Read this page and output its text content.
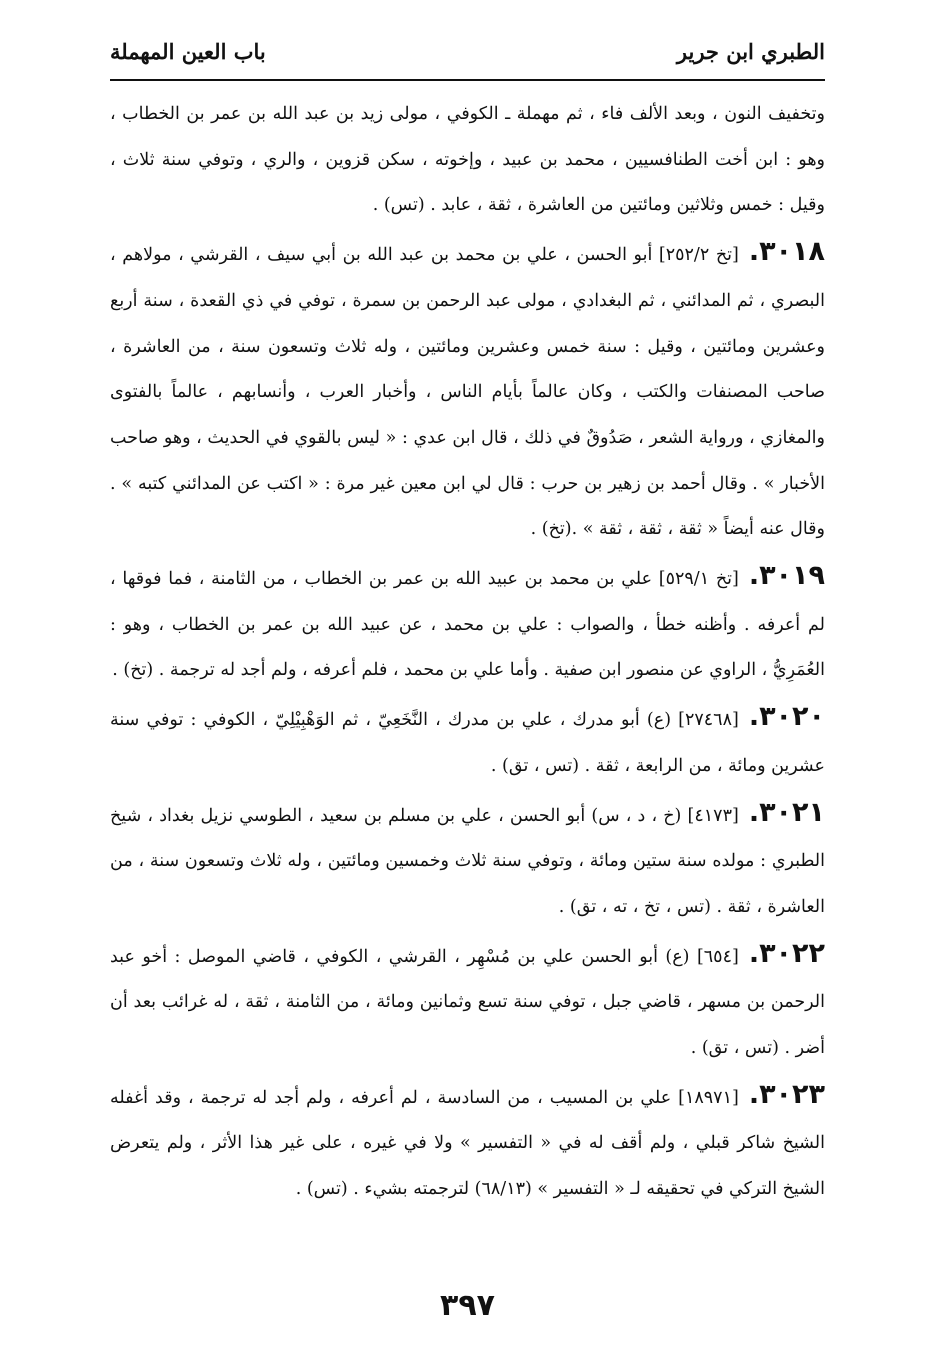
الطبري ابن جرير
باب العين المهملة

وتخفيف النون ، وبعد الألف فاء ، ثم مهملة ـ الكوفي ، مولى زيد بن عبد الله بن عمر بن الخطاب ، وهو : ابن أخت الطنافسيين ، محمد بن عبيد ، وإخوته ، سكن قزوين ، والري ، وتوفي سنة ثلاث ، وقيل : خمس وثلاثين ومائتين من العاشرة ، ثقة ، عابد . (تس) .

٣٠١٨.[تخ ٢٥٢/٢] أبو الحسن ، علي بن محمد بن عبد الله بن أبي سيف ، القرشي ، مولاهم ، البصري ، ثم المدائني ، ثم البغدادي ، مولى عبد الرحمن بن سمرة ، توفي في ذي القعدة ، سنة أربع وعشرين ومائتين ، وقيل : سنة خمس وعشرين ومائتين ، وله ثلاث وتسعون سنة ، من العاشرة ، صاحب المصنفات والكتب ، وكان عالماً بأيام الناس ، وأخبار العرب ، وأنسابهم ، عالماً بالفتوى والمغازي ، ورواية الشعر ، صَدُوقٌ في ذلك ، قال ابن عدي : « ليس بالقوي في الحديث ، وهو صاحب الأخبار » . وقال أحمد بن زهير بن حرب : قال لي ابن معين غير مرة : « اكتب عن المدائني كتبه » . وقال عنه أيضاً « ثقة ، ثقة ، ثقة » .(تخ) .

٣٠١٩.[تخ ٥٢٩/١] علي بن محمد بن عبيد الله بن عمر بن الخطاب ، من الثامنة ، فما فوقها ، لم أعرفه . وأظنه خطأ ، والصواب : علي بن محمد ، عن عبيد الله بن عمر بن الخطاب ، وهو : العُمَرِيُّ ، الراوي عن منصور ابن صفية . وأما علي بن محمد ، فلم أعرفه ، ولم أجد له ترجمة . (تخ) .

٣٠٢٠.[٢٧٤٦٨] (ع) أبو مدرك ، علي بن مدرك ، النَّخَعِيّ ، ثم الوَهْبِيْلِيّ ، الكوفي : توفي سنة عشرين ومائة ، من الرابعة ، ثقة . (تس ، تق) .

٣٠٢١.[٤١٧٣] (خ ، د ، س) أبو الحسن ، علي بن مسلم بن سعيد ، الطوسي نزيل بغداد ، شيخ الطبري : مولده سنة ستين ومائة ، وتوفي سنة ثلاث وخمسين ومائتين ، وله ثلاث وتسعون سنة ، من العاشرة ، ثقة . (تس ، تخ ، ته ، تق) .

٣٠٢٢.[٦٥٤] (ع) أبو الحسن علي بن مُسْهِر ، القرشي ، الكوفي ، قاضي الموصل : أخو عبد الرحمن بن مسهر ، قاضي جبل ، توفي سنة تسع وثمانين ومائة ، من الثامنة ، ثقة ، له غرائب بعد أن أضر . (تس ، تق) .

٣٠٢٣.[١٨٩٧١] علي بن المسيب ، من السادسة ، لم أعرفه ، ولم أجد له ترجمة ، وقد أغفله الشيخ شاكر قبلي ، ولم أقف له في « التفسير » ولا في غيره ، على غير هذا الأثر ، ولم يتعرض الشيخ التركي في تحقيقه لـ « التفسير » (٦٨/١٣) لترجمته بشيء . (تس) .

٣٩٧
